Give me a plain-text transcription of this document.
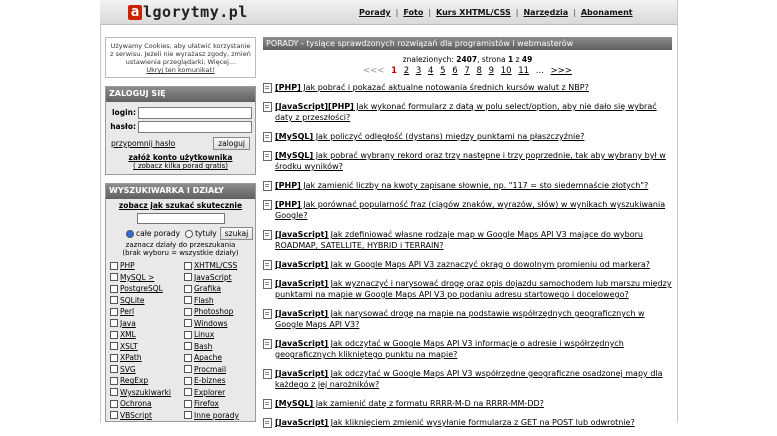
a lgorytmy.pl	Porady | Foto | Kurs XHTML/CSS | Narzędzia | Abonament
Używamy Cookies, aby ułatwić korzystanie z serwisu. Jeżeli nie wyrażasz zgody, zmień ustawienia przeglądarki. Więcej...
Ukryj ten komunikat!
ZALOGUJ SIĘ
login:
hasło:
przypomnij hasło	zaloguj
załóż konto użytkownika
( zobacz kilka porad gratis)
WYSZUKIWARKA I DZIAŁY
zobacz jak szukać skutecznie
całe porady tytuły	szukaj
zaznacz działy do przeszukania
(brak wyboru = wszystkie działy)
PHP	XHTML/CSS
MySQL >	JavaScript
PostgreSQL	Grafika
SQLite	Flash
Perl	Photoshop
Java	Windows
XML	Linux
XSLT	Bash
XPath	Apache
SVG	Procmail
RegExp	E-biznes
Wyszukiwarki	Explorer
Ochrona	Firefox
VBScript	Inne porady
PORADY - tysiące sprawdzonych rozwiązań dla programistów i webmasterów
znalezionych: 2407, strona 1 z 49
<<< 1 2 3 4 5 6 7 8 9 10 11 ... >>>
[PHP] Jak pobrać i pokazać aktualne notowania średnich kursów walut z NBP?
[JavaScript][PHP] Jak wykonać formularz z datą w polu select/option, aby nie dało się wybrać daty z przeszłości?
[MySQL] Jak policzyć odległość (dystans) między punktami na płaszczyźnie?
[MySQL] Jak pobrać wybrany rekord oraz trzy następne i trzy poprzednie, tak aby wybrany był w środku wyników?
[PHP] Jak zamienić liczby na kwoty zapisane słownie, np. "117 = sto siedemnaście złotych"?
[PHP] Jak porównać popularność fraz (ciągów znaków, wyrazów, słów) w wynikach wyszukiwania Google?
[JavaScript] Jak zdefiniować własne rodzaje map w Google Maps API V3 mające do wyboru ROADMAP, SATELLITE, HYBRID i TERRAIN?
[JavaScript] Jak w Google Maps API V3 zaznaczyć okrąg o dowolnym promieniu od markera?
[JavaScript] Jak wyznaczyć i narysować drogę oraz opis dojazdu samochodem lub marszu między punktami na mapie w Google Maps API V3 po podaniu adresu startowego i docelowego?
[JavaScript] Jak narysować drogę na mapie na podstawie współrzędnych geograficznych w Google Maps API V3?
[JavaScript] Jak odczytać w Google Maps API V3 informacje o adresie i współrzędnych geograficznych klikniętego punktu na mapie?
[JavaScript] Jak odczytać w Google Maps API V3 współrzędne geograficzne osadzonej mapy dla każdego z jej narożników?
[MySQL] Jak zamienić datę z formatu RRRR-M-D na RRRR-MM-DD?
[JavaScript] Jak kliknięciem zmienić wysyłanie formularza z GET na POST lub odwrotnie?
